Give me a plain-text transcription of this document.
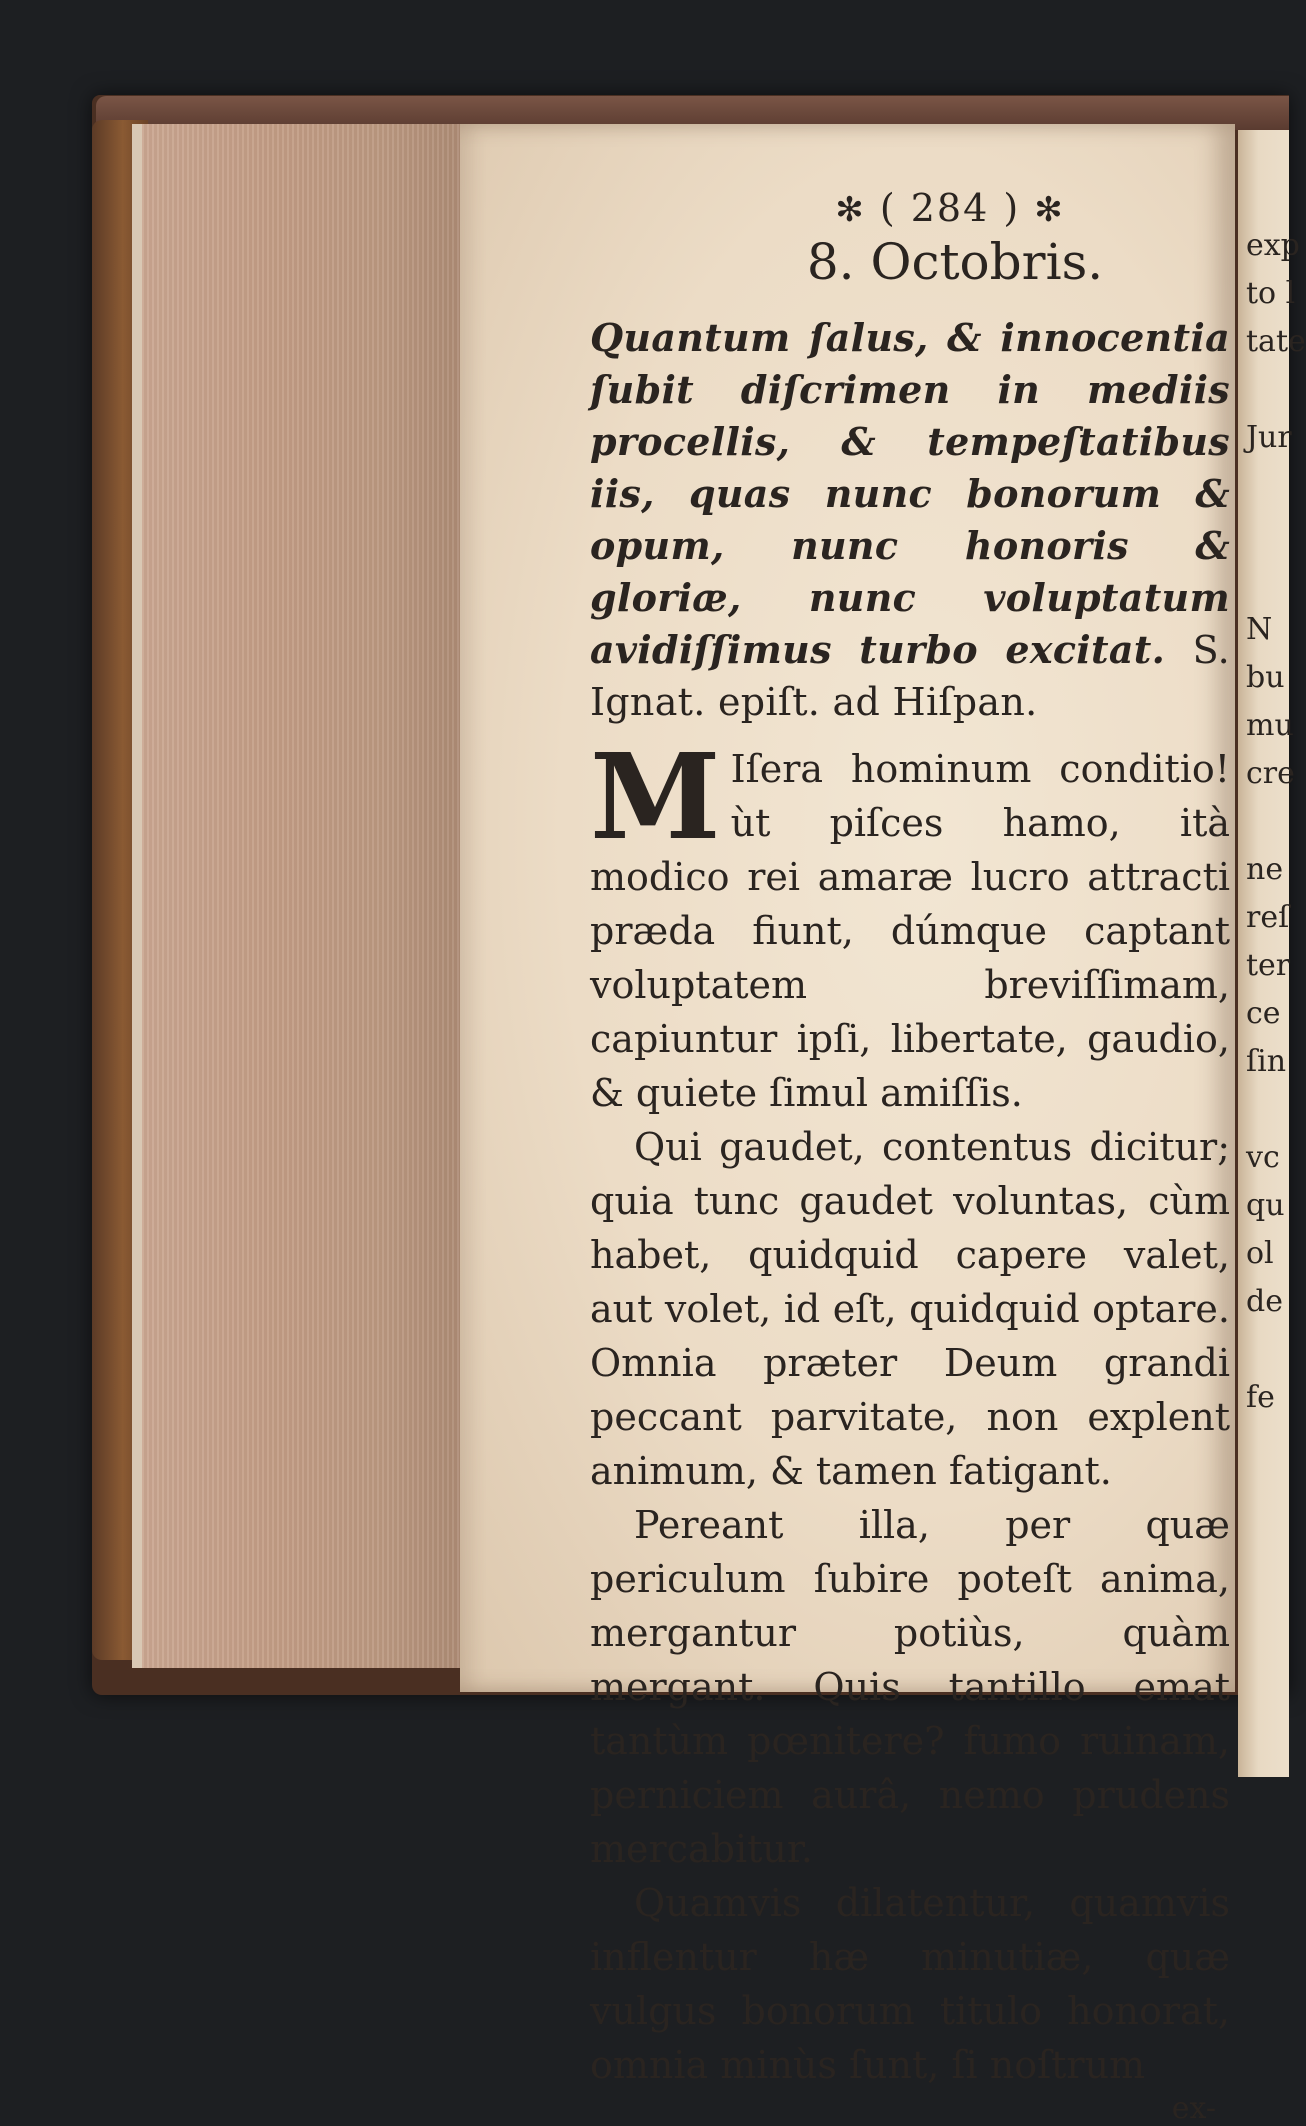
exp
to l
tate

Jur

N
bu
mu
cre

ne
reſ
ter
ce
ſin

vc
qu
ol
de

fe
✻ ( 284 ) ✻
8. Octobris.

Quantum ſalus, & innocentia ſubit diſcrimen in mediis procellis, & tempeſtatibus iis, quas nunc bonorum & opum, nunc honoris & gloriæ, nunc voluptatum avidiſſimus turbo excitat. S. Ignat. epiſt. ad Hiſpan.

M Iſera hominum conditio! ùt piſces hamo, ità modico rei amaræ lucro attracti præda fiunt, dúmque captant voluptatem breviſſimam, capiuntur ipſi, libertate, gaudio, & quiete ſimul amiſſis.

Qui gaudet, contentus dicitur; quia tunc gaudet voluntas, cùm habet, quidquid capere valet, aut volet, id eſt, quidquid optare. Omnia præter Deum grandi peccant parvitate, non explent animum, & tamen fatigant.

Pereant illa, per quæ periculum ſubire poteſt anima, mergantur potiùs, quàm mergant. Quis tantillo emat tantùm pœnitere? fumo ruinam, perniciem aurâ, nemo prudens mercabitur.

Quamvis dilatentur, quamvis inflentur hæ minutiæ, quæ vulgus bonorum titulo honorat, omnia minùs ſunt, ſi noſtrum

ex-
